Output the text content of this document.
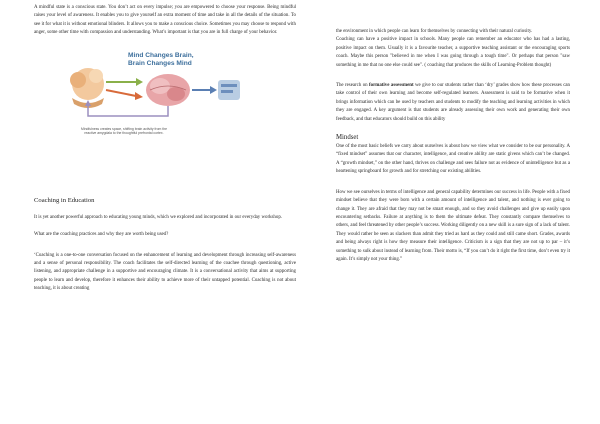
A mindful state is a conscious state. You don’t act on every impulse; you are empowered to choose your response. Being mindful raises your level of awareness. It enables you to give yourself an extra moment of time and take in all the details of the situation. To see it for what it is without emotional blinders. It allows you to make a conscious choice. Sometimes you may choose to respond with anger, some other time with compassion and understanding. What’s important is that you are in full charge of your behavior.

Mind Changes Brain,
Brain Changes Mind
Mindfulness creates space, shifting brain activity from the reactive amygdala to the thoughtful prefrontal cortex.

Coaching in Education

It is yet another powerful approach to educating young minds, which we explored and incorporated in our everyday workshop.

What are the coaching practices and why they are worth being used?

‘Coaching is a one-to-one conversation focused on the enhancement of learning and development through increasing self-awareness and a sense of personal responsibility. The coach facilitates the self-directed learning of the coachee through questioning, active listening, and appropriate challenge in a supportive and encouraging climate. It is a conversational activity that aims at supporting people to learn and develop, therefore it enhances their ability to achieve more of their untapped potential. Coaching is not about teaching, it is about creating

the environment in which people can learn for themselves by connecting with their natural curiosity.

Coaching can have a positive impact in schools. Many people can remember an educator who has had a lasting, positive impact on them. Usually it is a favourite teacher, a supportive teaching assistant or the encouraging sports coach. Maybe this person "believed in me when I was going through a tough time". Or perhaps that person "saw something in me that no one else could see". ( coaching that produces the skills of Learning-Problem thought)

The research on formative assessment we give to our students rather than ‘dry’ grades show how these processes can take control of their own learning and become self-regulated learners. Assessment is said to be formative when it brings information which can be used by teachers and students to modify the teaching and learning activities in which they are engaged. A key argument is that students are already assessing their own work and generating their own feedback, and that educators should build on this ability

Mindset

One of the most basic beliefs we carry about ourselves is about how we view what we consider to be our personality. A “fixed mindset” assumes that our character, intelligence, and creative ability are static givens which can’t be changed. A “growth mindset,” on the other hand, thrives on challenge and sees failure not as evidence of unintelligence but as a heartening springboard for growth and for stretching our existing abilities.

How we see ourselves in terms of intelligence and general capability determines our success in life. People with a fixed mindset believe that they were born with a certain amount of intelligence and talent, and nothing is ever going to change it. They are afraid that they may not be smart enough, and so they avoid challenges and give up easily upon encountering setbacks. Failure at anything is to them the ultimate defeat. They constantly compare themselves to others, and feel threatened by other people’s success. Working diligently on a new skill is a sure sign of a lack of talent. They would rather be seen as slackers than admit they tried as hard as they could and still came short. Grades, awards and being always right is how they measure their intelligence. Criticism is a sign that they are not up to par – it’s something to sulk about instead of learning from. Their motto is, “If you can’t do it right the first time, don’t even try it again. It’s simply not your thing.”
